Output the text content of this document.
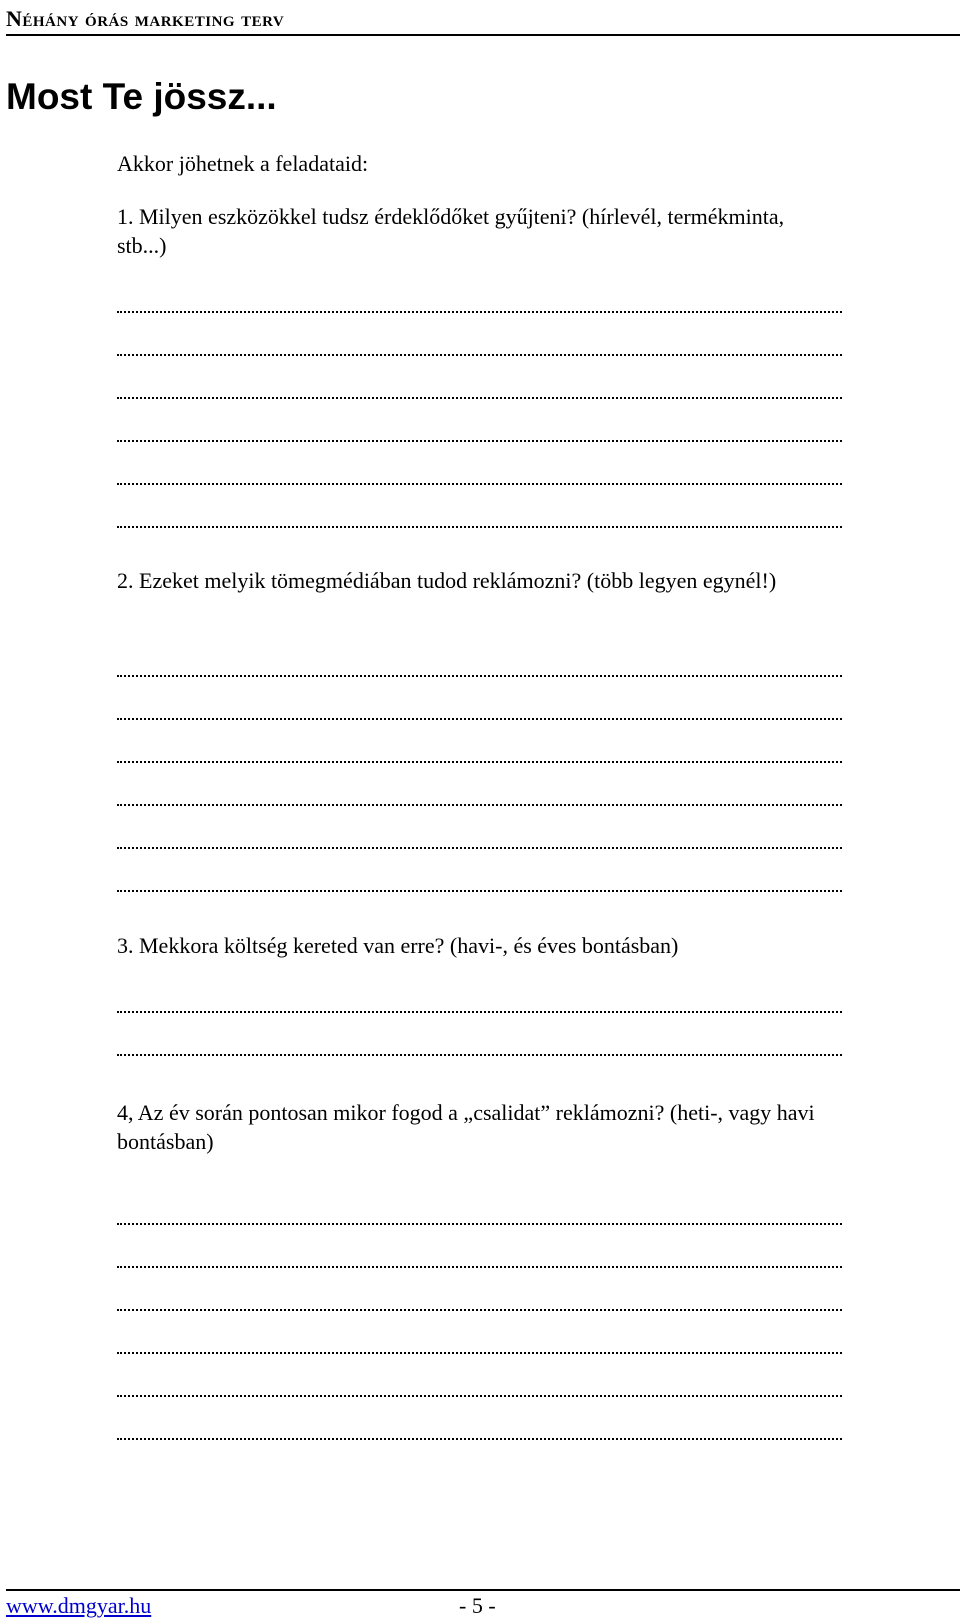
Néhány órás marketing terv
Most Te jössz...
Akkor jöhetnek a feladataid:
1. Milyen eszközökkel tudsz érdeklődőket gyűjteni? (hírlevél, termékminta, stb...)
2. Ezeket melyik tömegmédiában tudod reklámozni? (több legyen egynél!)
3. Mekkora költség kereted van erre? (havi-, és éves bontásban)
4, Az év során pontosan mikor fogod a „csalidat” reklámozni? (heti-, vagy havi bontásban)
www.dmgyar.hu	- 5 -
